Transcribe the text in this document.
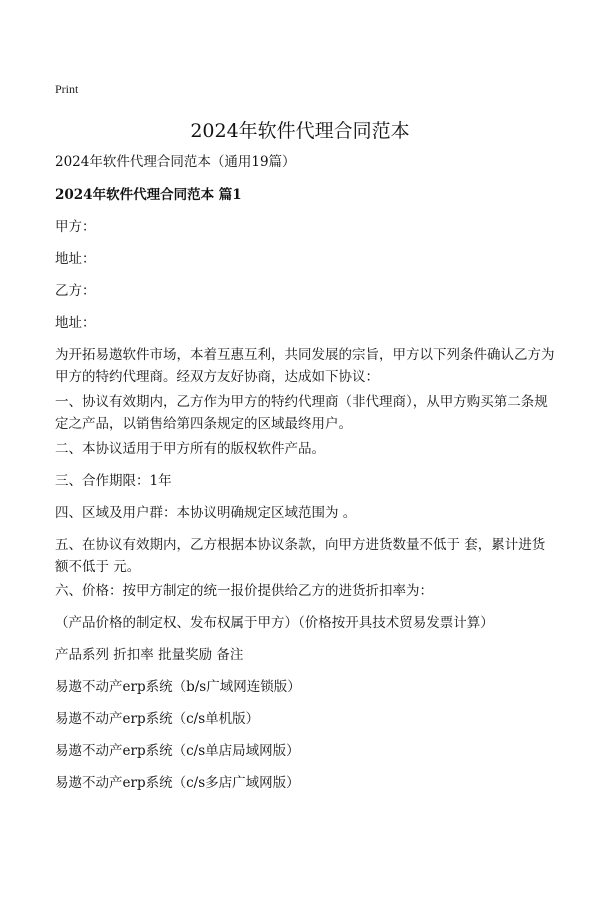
Print
2024年软件代理合同范本

2024年软件代理合同范本（通用19篇）

2024年软件代理合同范本 篇1

甲方：

地址：

乙方：

地址：

为开拓易遨软件市场，本着互惠互利，共同发展的宗旨，甲方以下列条件确认乙方为甲方的特约代理商。经双方友好协商，达成如下协议：

一、协议有效期内，乙方作为甲方的特约代理商（非代理商），从甲方购买第二条规定之产品，以销售给第四条规定的区域最终用户。

二、本协议适用于甲方所有的版权软件产品。

三、合作期限：1年

四、区域及用户群：本协议明确规定区域范围为 。

五、在协议有效期内，乙方根据本协议条款，向甲方进货数量不低于 套，累计进货额不低于 元。

六、价格：按甲方制定的统一报价提供给乙方的进货折扣率为：

（产品价格的制定权、发布权属于甲方）（价格按开具技术贸易发票计算）

产品系列 折扣率 批量奖励 备注

易遨不动产erp系统（b/s广域网连锁版）

易遨不动产erp系统（c/s单机版）

易遨不动产erp系统（c/s单店局域网版）

易遨不动产erp系统（c/s多店广域网版）
